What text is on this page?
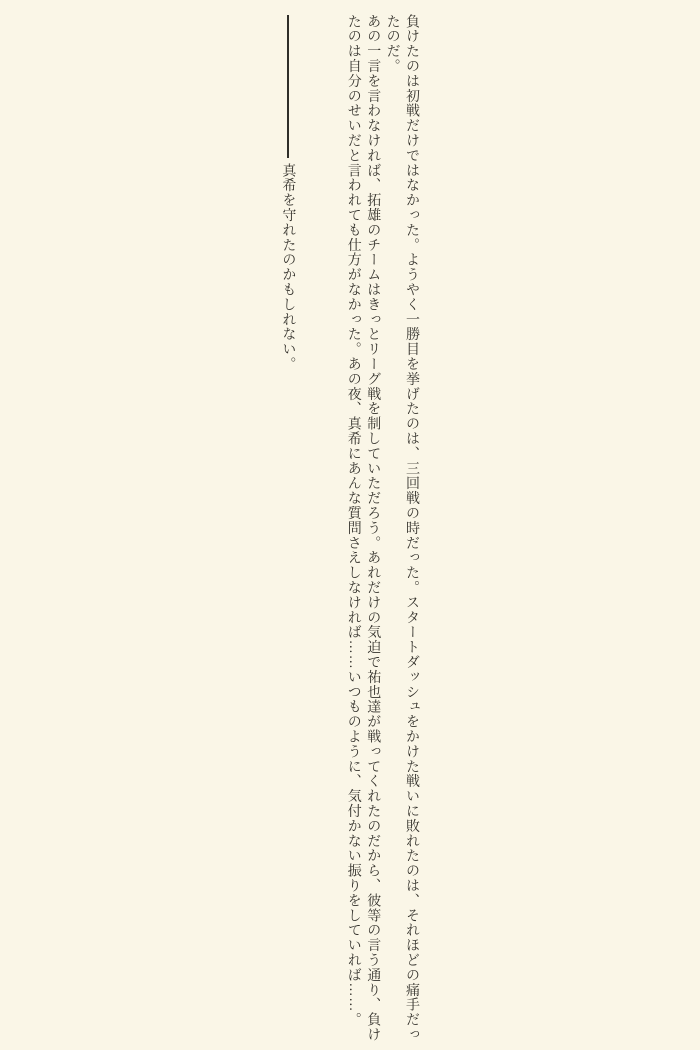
負けたのは初戦だけではなかった。ようやく一勝目を挙げたのは、三回戦の時だった。スタートダッシュをかけた戦いに敗れたのは、それほどの痛手だったのだ。

あの一言を言わなければ、拓雄のチームはきっとリーグ戦を制していただろう。あれだけの気迫で祐也達が戦ってくれたのだから、彼等の言う通り、負けたのは自分のせいだと言われても仕方がなかった。あの夜、真希にあんな質問さえしなければ……いつものように、気付かない振りをしていれば……。

真希を守れたのかもしれない。
